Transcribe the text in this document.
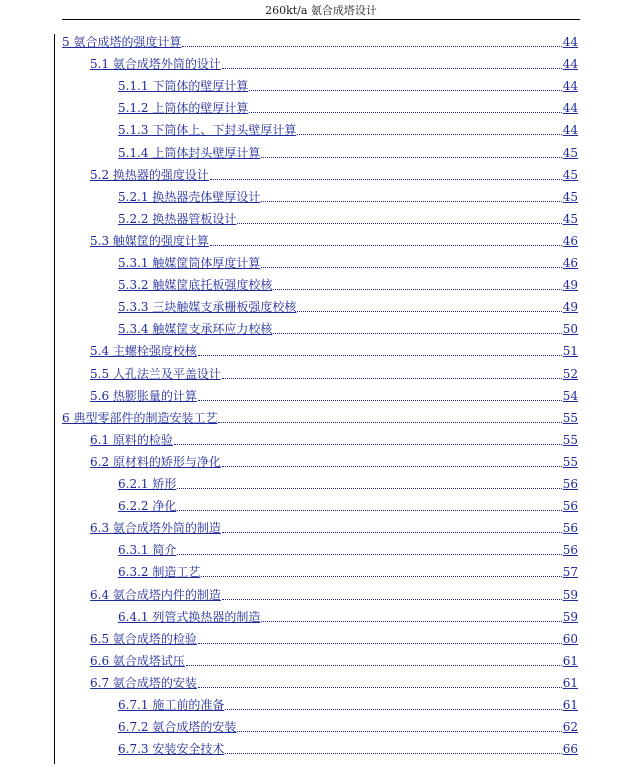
260kt/a 氨合成塔设计
5 氨合成塔的强度计算	44
5.1 氨合成塔外筒的设计	44
5.1.1 下筒体的壁厚计算	44
5.1.2 上筒体的壁厚计算	44
5.1.3 下筒体上、下封头壁厚计算	44
5.1.4 上筒体封头壁厚计算	45
5.2 换热器的强度设计	45
5.2.1 换热器壳体壁厚设计	45
5.2.2 换热器管板设计	45
5.3 触媒筐的强度计算	46
5.3.1 触媒筐筒体厚度计算	46
5.3.2 触媒筐底托板强度校核	49
5.3.3 三块触媒支承栅板强度校核	49
5.3.4 触媒筐支承环应力校核	50
5.4 主螺栓强度校核	51
5.5 人孔法兰及平盖设计	52
5.6 热膨胀量的计算	54
6 典型零部件的制造安装工艺	55
6.1 原料的检验	55
6.2 原材料的矫形与净化	55
6.2.1 矫形	56
6.2.2 净化	56
6.3 氨合成塔外筒的制造	56
6.3.1 简介	56
6.3.2 制造工艺	57
6.4 氨合成塔内件的制造	59
6.4.1 列管式换热器的制造	59
6.5 氨合成塔的检验	60
6.6 氨合成塔试压	61
6.7 氨合成塔的安装	61
6.7.1 施工前的准备	61
6.7.2 氨合成塔的安装	62
6.7.3 安装安全技术	66
